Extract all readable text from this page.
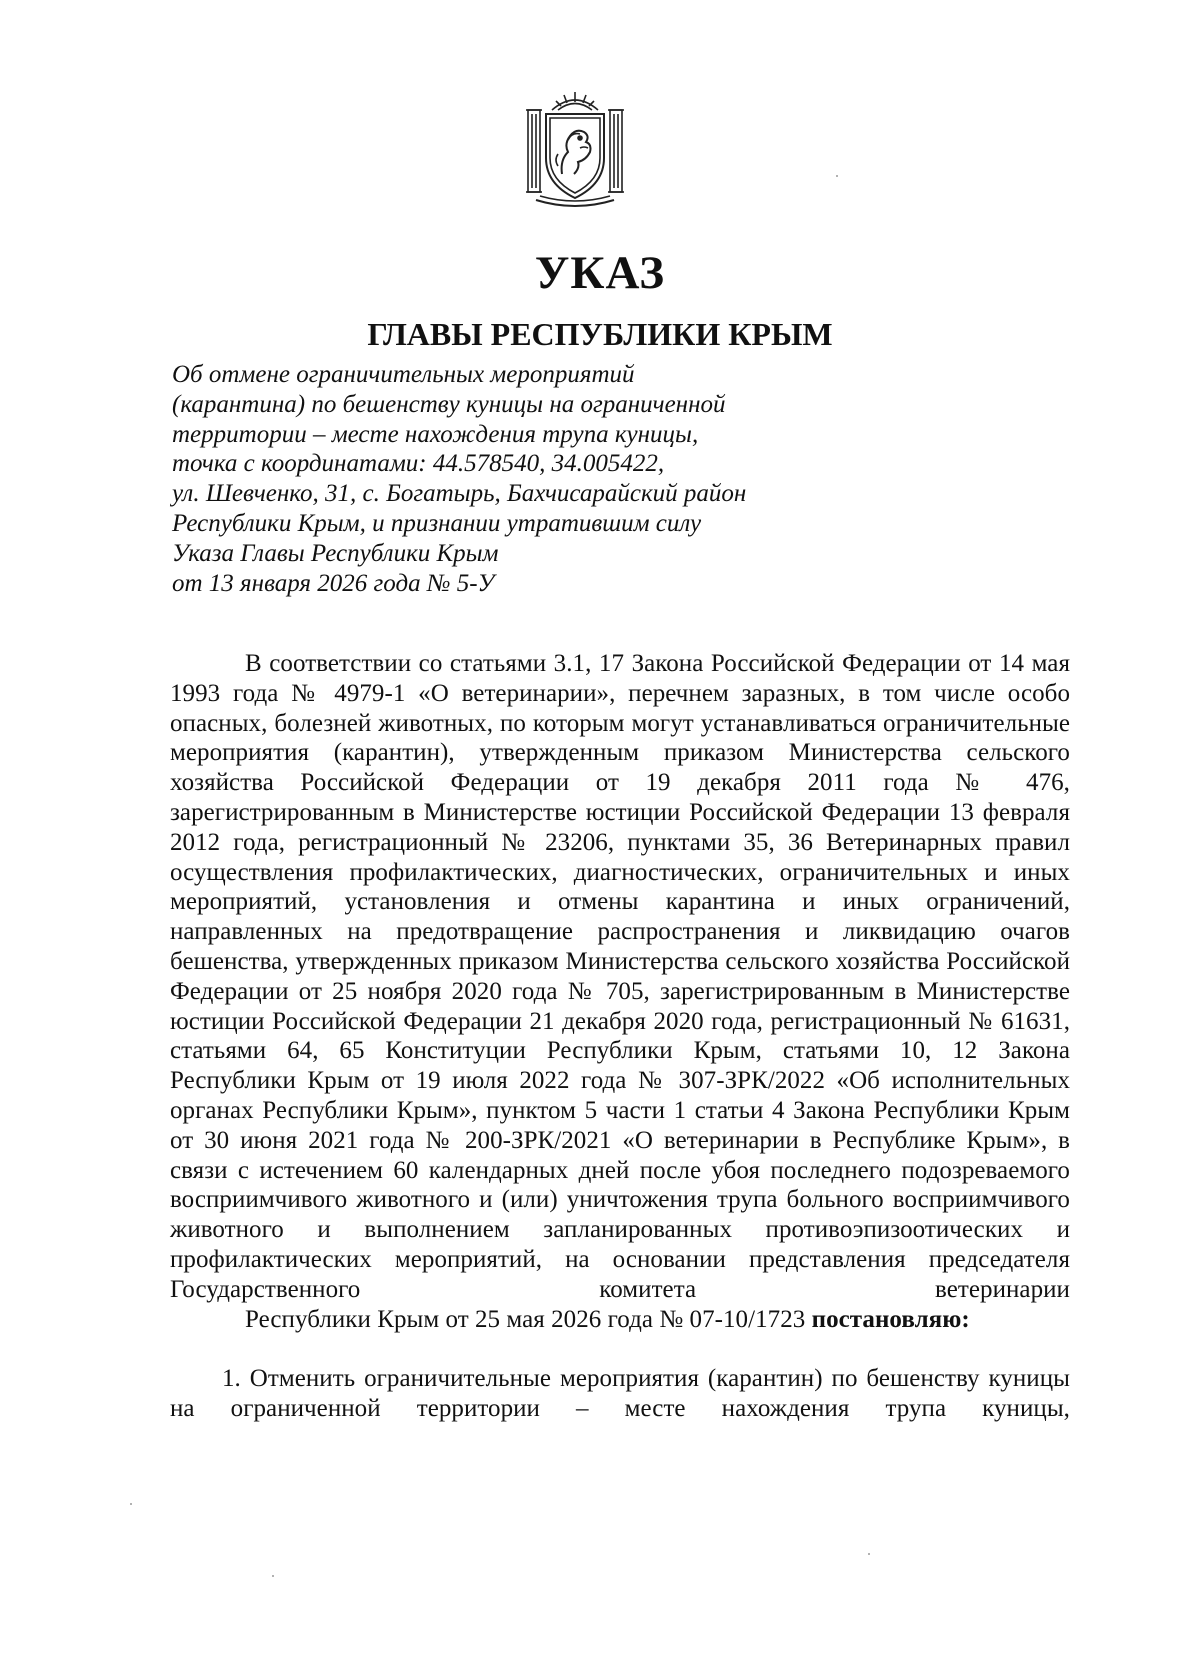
УКАЗ
ГЛАВЫ РЕСПУБЛИКИ КРЫМ
Об отмене ограничительных мероприятий
(карантина) по бешенству куницы на ограниченной
территории – месте нахождения трупа куницы,
точка с координатами: 44.578540, 34.005422,
ул. Шевченко, 31, с. Богатырь, Бахчисарайский район
Республики Крым, и признании утратившим силу
Указа Главы Республики Крым
от 13 января 2026 года № 5-У

В соответствии со статьями 3.1, 17 Закона Российской Федерации от 14 мая 1993 года № 4979-1 «О ветеринарии», перечнем заразных, в том числе особо опасных, болезней животных, по которым могут устанавливаться ограничительные мероприятия (карантин), утвержденным приказом Министерства сельского хозяйства Российской Федерации от 19 декабря 2011 года № 476, зарегистрированным в Министерстве юстиции Российской Федерации 13 февраля 2012 года, регистрационный № 23206, пунктами 35, 36 Ветеринарных правил осуществления профилактических, диагностических, ограничительных и иных мероприятий, установления и отмены карантина и иных ограничений, направленных на предотвращение распространения и ликвидацию очагов бешенства, утвержденных приказом Министерства сельского хозяйства Российской Федерации от 25 ноября 2020 года № 705, зарегистрированным в Министерстве юстиции Российской Федерации 21 декабря 2020 года, регистрационный № 61631, статьями 64, 65 Конституции Республики Крым, статьями 10, 12 Закона Республики Крым от 19 июля 2022 года № 307-ЗРК/2022 «Об исполнительных органах Республики Крым», пунктом 5 части 1 статьи 4 Закона Республики Крым от 30 июня 2021 года № 200-ЗРК/2021 «О ветеринарии в Республике Крым», в связи с истечением 60 календарных дней после убоя последнего подозреваемого восприимчивого животного и (или) уничтожения трупа больного восприимчивого животного и выполнением запланированных противоэпизоотических и профилактических мероприятий, на основании представления председателя Государственного комитета ветеринарии
Республики Крым от 25 мая 2026 года № 07-10/1723 постановляю:

1. Отменить ограничительные мероприятия (карантин) по бешенству куницы на ограниченной территории – месте нахождения трупа куницы,
